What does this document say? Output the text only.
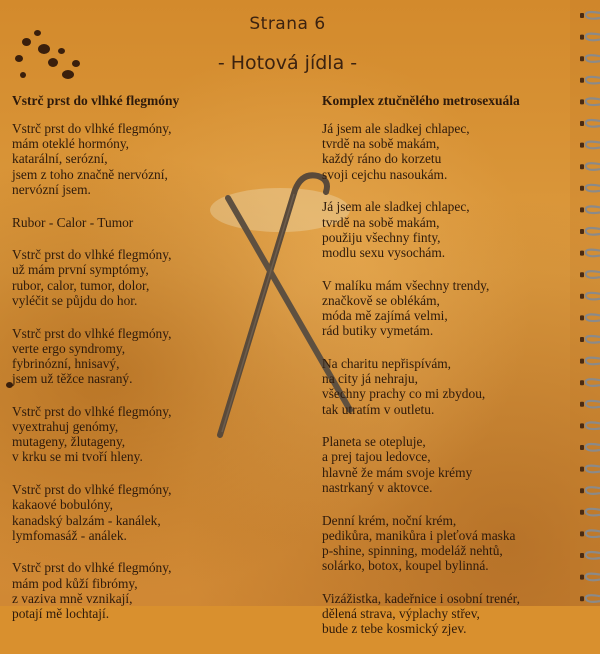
Strana 6
- Hotová jídla -
Vstrč prst do vlhké flegmóny
Vstrč prst do vlhké flegmóny,
mám oteklé hormóny,
katarální, serózní,
jsem z toho značně nervózní,
nervózní jsem.
Rubor - Calor - Tumor
Vstrč prst do vlhké flegmóny,
už mám první symptómy,
rubor, calor, tumor, dolor,
vyléčit se půjdu do hor.
Vstrč prst do vlhké flegmóny,
verte ergo syndromy,
fybrinózní, hnisavý,
jsem už těžce nasraný.
Vstrč prst do vlhké flegmóny,
vyextrahuj genómy,
mutageny, žlutageny,
v krku se mi tvoří hleny.
Vstrč prst do vlhké flegmóny,
kakaové bobulóny,
kanadský balzám - kanálek,
lymfomasáž - análek.
Vstrč prst do vlhké flegmóny,
mám pod kůží fibrómy,
z vaziva mně vznikají,
potají mě lochtají.
Komplex ztučnělého metrosexuála
Já jsem ale sladkej chlapec,
tvrdě na sobě makám,
každý ráno do korzetu
svoji cejchu nasoukám.
Já jsem ale sladkej chlapec,
tvrdě na sobě makám,
použiju všechny finty,
modlu sexu vysochám.
V malíku mám všechny trendy,
značkově se oblékám,
móda mě zajímá velmi,
rád butiky vymetám.
Na charitu nepřispívám,
na city já nehraju,
všechny prachy co mi zbydou,
tak utratím v outletu.
Planeta se otepluje,
a prej tajou ledovce,
hlavně že mám svoje krémy
nastrkaný v aktovce.
Denní krém, noční krém,
pedikůra, manikůra i pleťová maska
p-shine, spinning, modeláž nehtů,
solárko, botox, koupel bylinná.
Vizážistka, kadeřnice i osobní trenér,
dělená strava, výplachy střev,
bude z tebe kosmický zjev.
